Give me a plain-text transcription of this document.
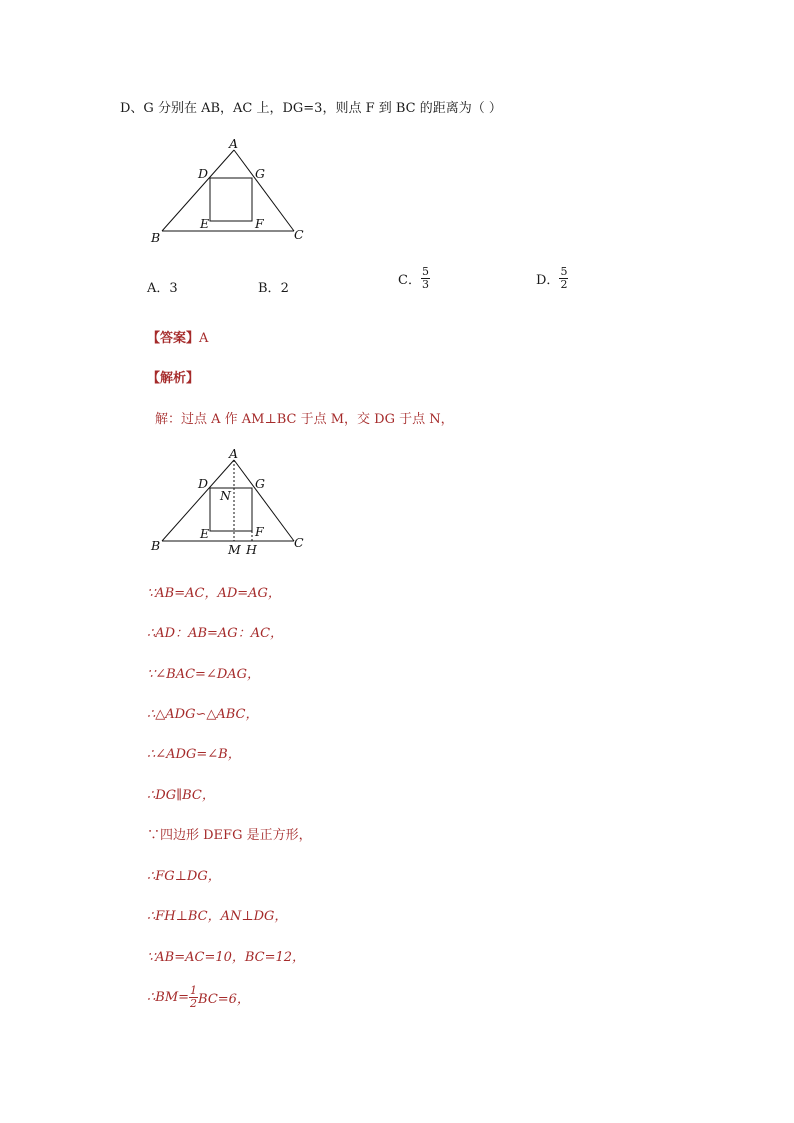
D、G 分别在 AB，AC 上，DG=3，则点 F 到 BC 的距离为（ ）
A
B	C
D
E	F
G
A．3	B．2
C． $\frac{5}{3}$	D． $\frac{5}{2}$
【答案】A
【解析】
解：过点 A 作 AM⊥BC 于点 M，交 DG 于点 N，
A
B	C
D
E	F
G
N
M H
∵AB=AC，AD=AG，
∴AD：AB=AG：AC，
∵∠BAC=∠DAG，
∴△ADG∽△ABC，
∴∠ADG=∠B，
∴DG∥BC，
∵四边形 DEFG 是正方形，
∴FG⊥DG，
∴FH⊥BC，AN⊥DG，
∵AB=AC=10，BC=12，
∴BM= $\frac{1}{2} BC=6$，
